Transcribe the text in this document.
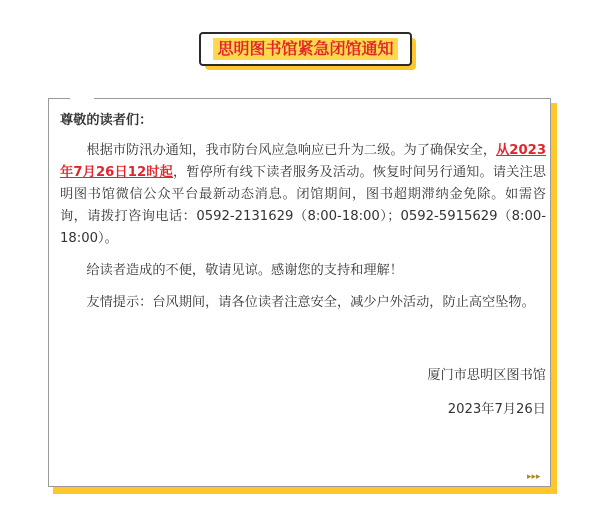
思明图书馆紧急闭馆通知

尊敬的读者们：

根据市防汛办通知，我市防台风应急响应已升为二级。为了确保安全，从2023年7月26日12时起，暂停所有线下读者服务及活动。恢复时间另行通知。请关注思明图书馆微信公众平台最新动态消息。闭馆期间，图书超期滞纳金免除。如需咨询，请拨打咨询电话：0592-2131629（8:00-18:00）；0592-5915629（8:00-18:00）。

给读者造成的不便，敬请见谅。感谢您的支持和理解！

友情提示：台风期间，请各位读者注意安全，减少户外活动，防止高空坠物。

厦门市思明区图书馆
2023年7月26日
▸▸▸
